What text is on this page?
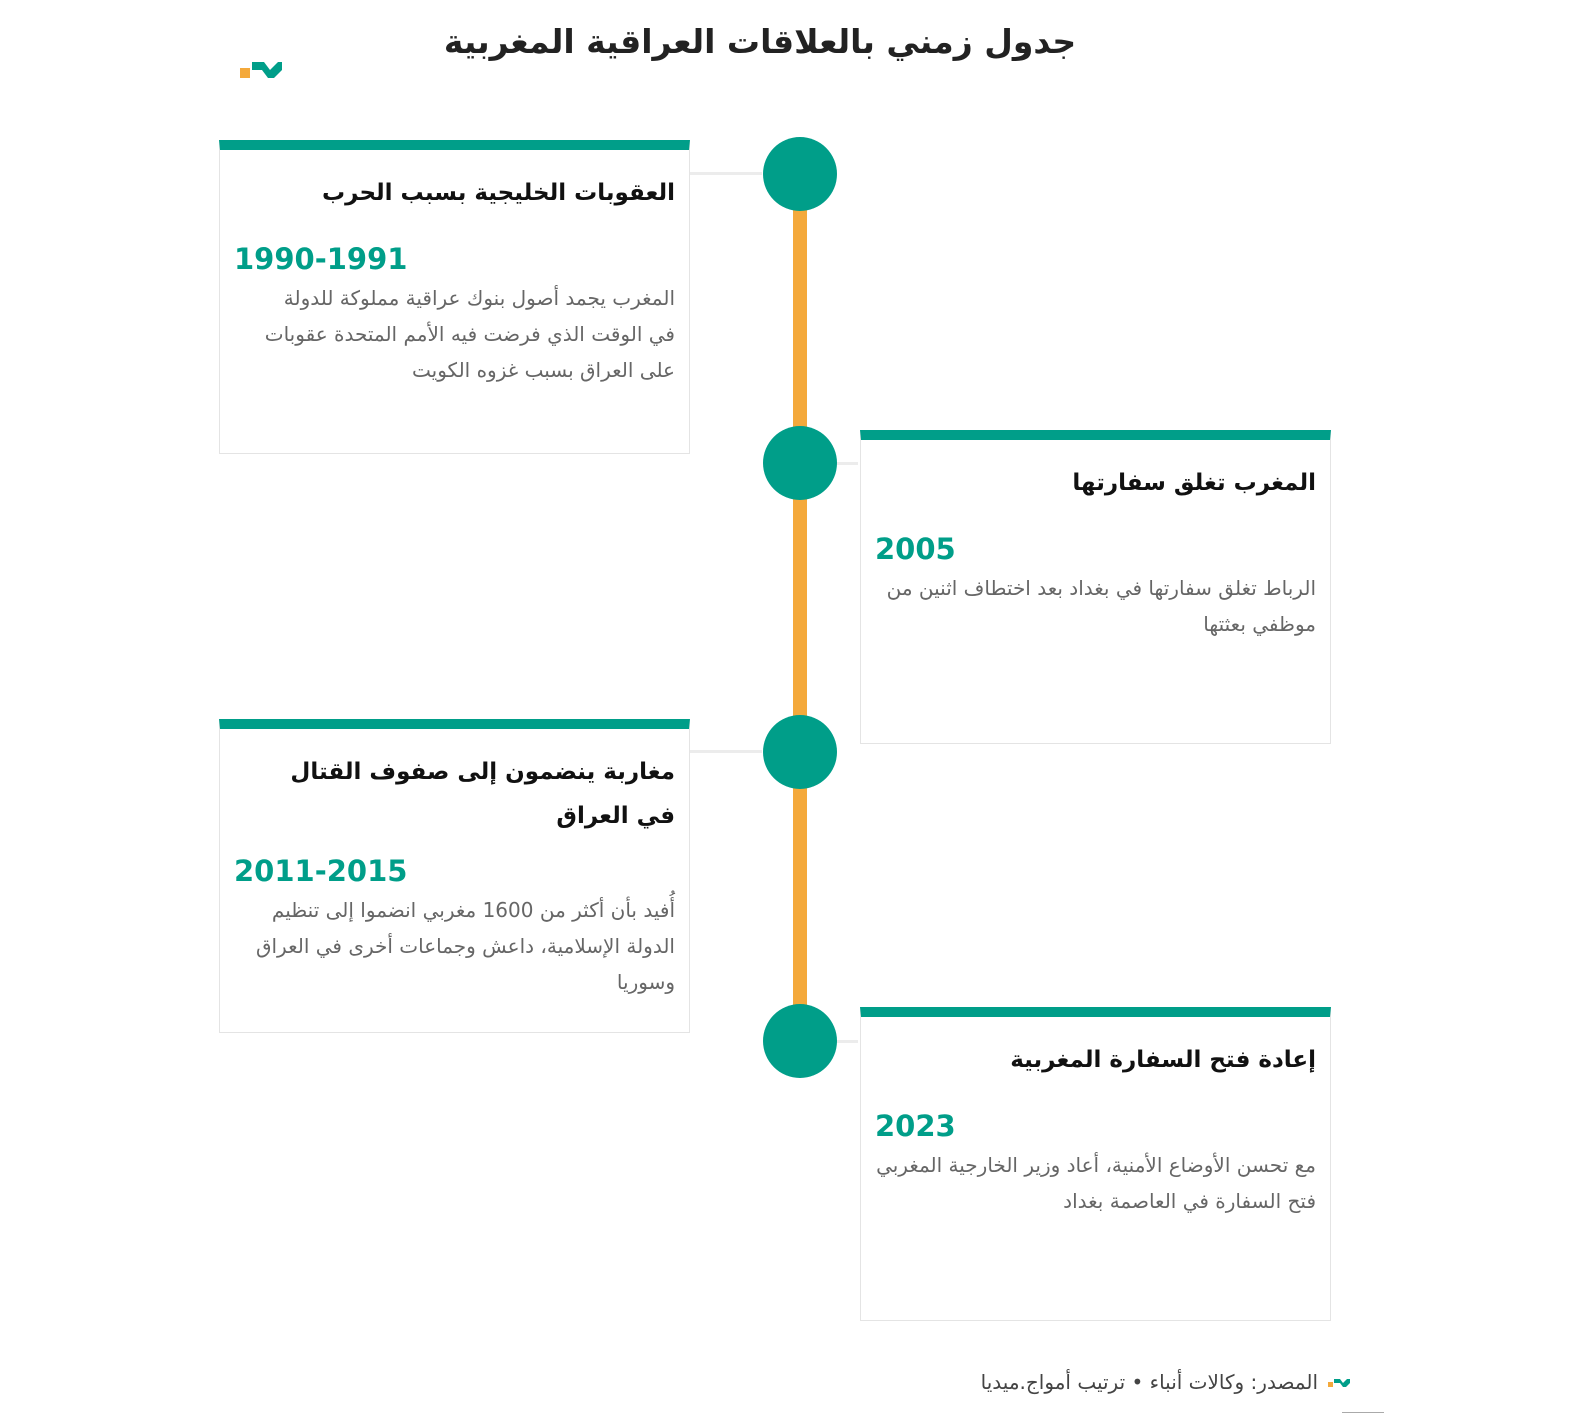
جدول زمني بالعلاقات العراقية المغربية
العقوبات الخليجية بسبب الحرب
1990-1991
المغرب يجمد أصول بنوك عراقية مملوكة للدولة في الوقت الذي فرضت فيه الأمم المتحدة عقوبات على العراق بسبب غزوه الكويت
المغرب تغلق سفارتها
2005
الرباط تغلق سفارتها في بغداد بعد اختطاف اثنين من موظفي بعثتها
مغاربة ينضمون إلى صفوف القتال في العراق
2011-2015
أُفيد بأن أكثر من 1600 مغربي انضموا إلى تنظيم الدولة الإسلامية، داعش وجماعات أخرى في العراق وسوريا
إعادة فتح السفارة المغربية
2023
مع تحسن الأوضاع الأمنية، أعاد وزير الخارجية المغربي فتح السفارة في العاصمة بغداد
المصدر: وكالات أنباء • ترتيب أمواج.ميديا
